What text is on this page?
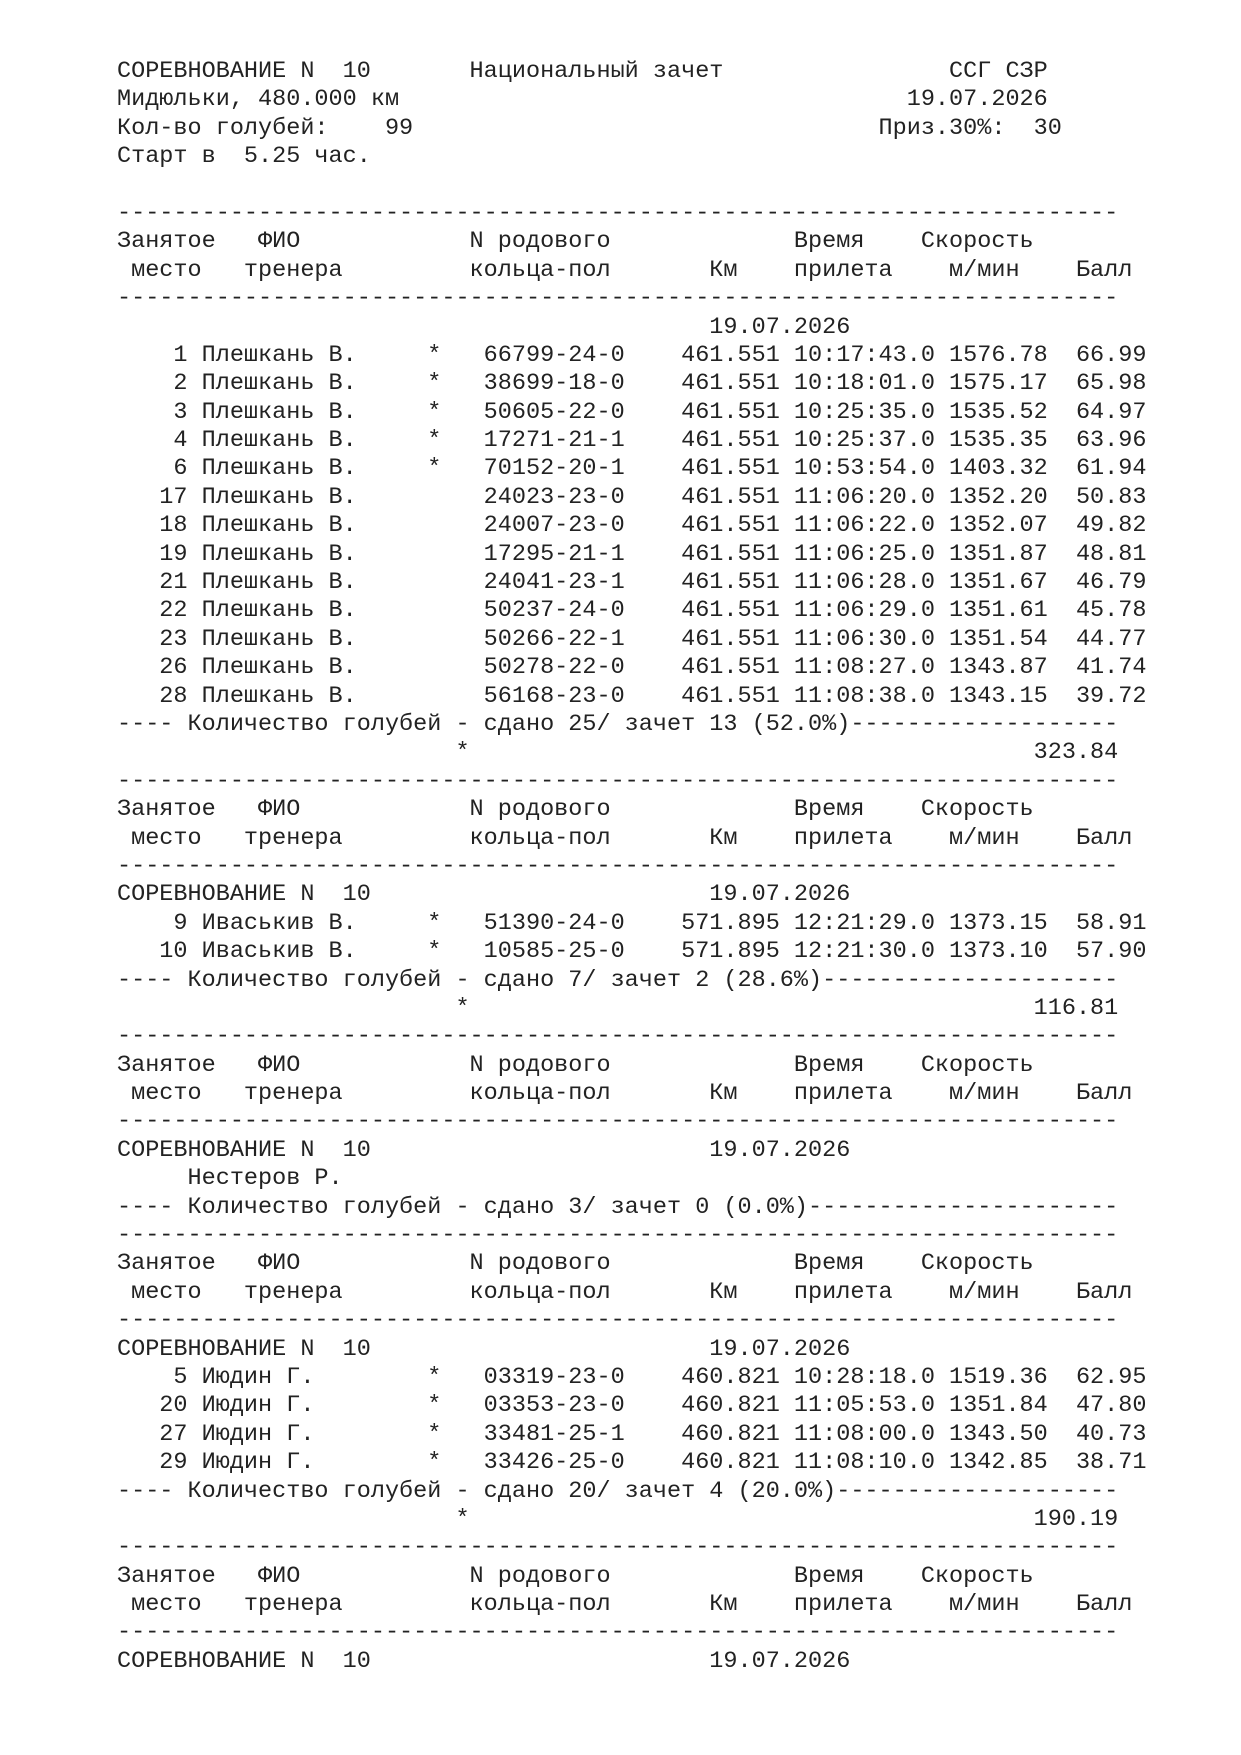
СОРЕВНОВАНИЕ N  10       Национальный зачет                ССГ СЗР
Мидюльки, 480.000 км                                    19.07.2026
Кол-во голубей:    99                                 Приз.30%:  30
Старт в  5.25 час.
-----------------------------------------------------------------------
Занятое   ФИО            N родового             Время    Скорость
место   тренера         кольца-пол       Км    прилета    м/мин    Балл
-----------------------------------------------------------------------
19.07.2026
1 Плешкань В.     *   66799-24-0    461.551 10:17:43.0 1576.78  66.99
2 Плешкань В.     *   38699-18-0    461.551 10:18:01.0 1575.17  65.98
3 Плешкань В.     *   50605-22-0    461.551 10:25:35.0 1535.52  64.97
4 Плешкань В.     *   17271-21-1    461.551 10:25:37.0 1535.35  63.96
6 Плешкань В.     *   70152-20-1    461.551 10:53:54.0 1403.32  61.94
17 Плешкань В.         24023-23-0    461.551 11:06:20.0 1352.20  50.83
18 Плешкань В.         24007-23-0    461.551 11:06:22.0 1352.07  49.82
19 Плешкань В.         17295-21-1    461.551 11:06:25.0 1351.87  48.81
21 Плешкань В.         24041-23-1    461.551 11:06:28.0 1351.67  46.79
22 Плешкань В.         50237-24-0    461.551 11:06:29.0 1351.61  45.78
23 Плешкань В.         50266-22-1    461.551 11:06:30.0 1351.54  44.77
26 Плешкань В.         50278-22-0    461.551 11:08:27.0 1343.87  41.74
28 Плешкань В.         56168-23-0    461.551 11:08:38.0 1343.15  39.72
---- Количество голубей - сдано 25/ зачет 13 (52.0%)-------------------
*                                        323.84
-----------------------------------------------------------------------
Занятое   ФИО            N родового             Время    Скорость
место   тренера         кольца-пол       Км    прилета    м/мин    Балл
-----------------------------------------------------------------------
СОРЕВНОВАНИЕ N  10                        19.07.2026
9 Иваськив В.     *   51390-24-0    571.895 12:21:29.0 1373.15  58.91
10 Иваськив В.     *   10585-25-0    571.895 12:21:30.0 1373.10  57.90
---- Количество голубей - сдано 7/ зачет 2 (28.6%)---------------------
*                                        116.81
-----------------------------------------------------------------------
Занятое   ФИО            N родового             Время    Скорость
место   тренера         кольца-пол       Км    прилета    м/мин    Балл
-----------------------------------------------------------------------
СОРЕВНОВАНИЕ N  10                        19.07.2026
Нестеров Р.
---- Количество голубей - сдано 3/ зачет 0 (0.0%)----------------------
-----------------------------------------------------------------------
Занятое   ФИО            N родового             Время    Скорость
место   тренера         кольца-пол       Км    прилета    м/мин    Балл
-----------------------------------------------------------------------
СОРЕВНОВАНИЕ N  10                        19.07.2026
5 Июдин Г.        *   03319-23-0    460.821 10:28:18.0 1519.36  62.95
20 Июдин Г.        *   03353-23-0    460.821 11:05:53.0 1351.84  47.80
27 Июдин Г.        *   33481-25-1    460.821 11:08:00.0 1343.50  40.73
29 Июдин Г.        *   33426-25-0    460.821 11:08:10.0 1342.85  38.71
---- Количество голубей - сдано 20/ зачет 4 (20.0%)--------------------
*                                        190.19
-----------------------------------------------------------------------
Занятое   ФИО            N родового             Время    Скорость
место   тренера         кольца-пол       Км    прилета    м/мин    Балл
-----------------------------------------------------------------------
СОРЕВНОВАНИЕ N  10                        19.07.2026
